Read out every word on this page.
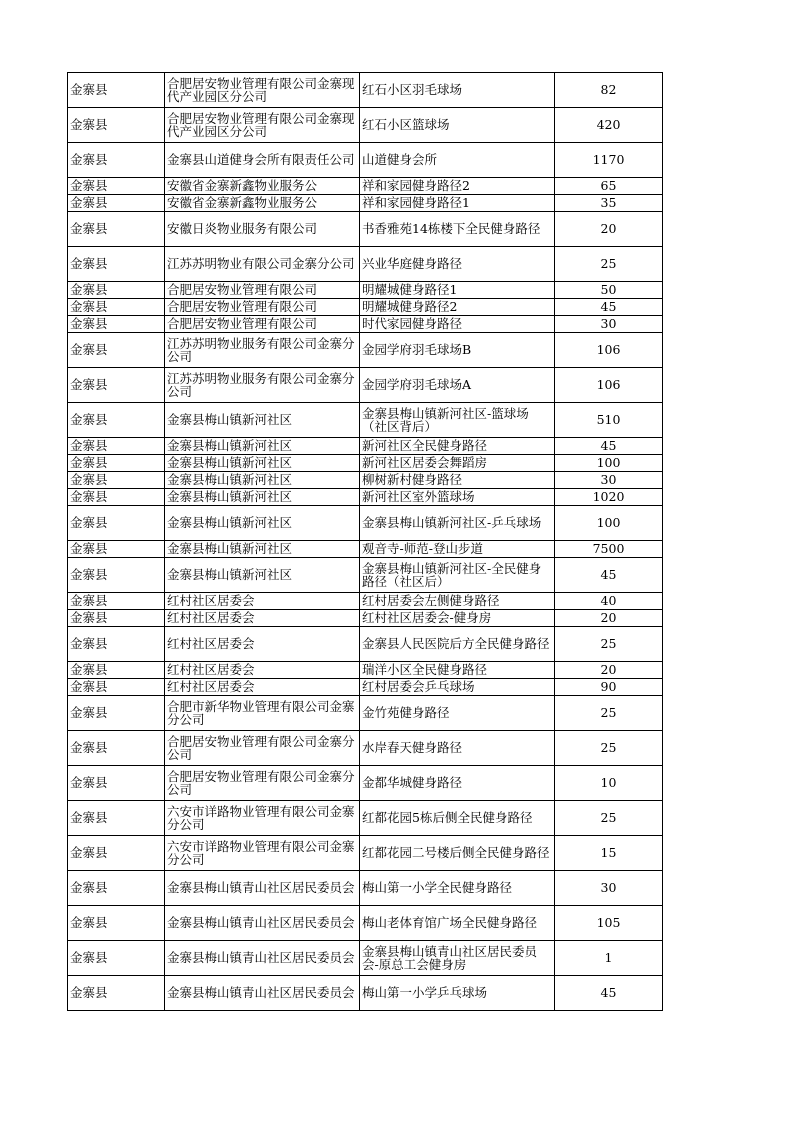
金寨县	合肥居安物业管理有限公司金寨现代产业园区分公司	红石小区羽毛球场	82
金寨县	合肥居安物业管理有限公司金寨现代产业园区分公司	红石小区篮球场	420
金寨县	金寨县山道健身会所有限责任公司	山道健身会所	1170
金寨县	安徽省金寨新鑫物业服务公	祥和家园健身路径2	65
金寨县	安徽省金寨新鑫物业服务公	祥和家园健身路径1	35
金寨县	安徽日炎物业服务有限公司	书香雅苑14栋楼下全民健身路径	20
金寨县	江苏苏明物业有限公司金寨分公司	兴业华庭健身路径	25
金寨县	合肥居安物业管理有限公司	明耀城健身路径1	50
金寨县	合肥居安物业管理有限公司	明耀城健身路径2	45
金寨县	合肥居安物业管理有限公司	时代家园健身路径	30
金寨县	江苏苏明物业服务有限公司金寨分公司	金园学府羽毛球场B	106
金寨县	江苏苏明物业服务有限公司金寨分公司	金园学府羽毛球场A	106
金寨县	金寨县梅山镇新河社区	金寨县梅山镇新河社区-篮球场（社区背后）	510
金寨县	金寨县梅山镇新河社区	新河社区全民健身路径	45
金寨县	金寨县梅山镇新河社区	新河社区居委会舞蹈房	100
金寨县	金寨县梅山镇新河社区	柳树新村健身路径	30
金寨县	金寨县梅山镇新河社区	新河社区室外篮球场	1020
金寨县	金寨县梅山镇新河社区	金寨县梅山镇新河社区-乒乓球场	100
金寨县	金寨县梅山镇新河社区	观音寺-师范-登山步道	7500
金寨县	金寨县梅山镇新河社区	金寨县梅山镇新河社区-全民健身路径（社区后）	45
金寨县	红村社区居委会	红村居委会左侧健身路径	40
金寨县	红村社区居委会	红村社区居委会-健身房	20
金寨县	红村社区居委会	金寨县人民医院后方全民健身路径	25
金寨县	红村社区居委会	瑞洋小区全民健身路径	20
金寨县	红村社区居委会	红村居委会乒乓球场	90
金寨县	合肥市新华物业管理有限公司金寨分公司	金竹苑健身路径	25
金寨县	合肥居安物业管理有限公司金寨分公司	水岸春天健身路径	25
金寨县	合肥居安物业管理有限公司金寨分公司	金都华城健身路径	10
金寨县	六安市详路物业管理有限公司金寨分公司	红都花园5栋后侧全民健身路径	25
金寨县	六安市详路物业管理有限公司金寨分公司	红都花园二号楼后侧全民健身路径	15
金寨县	金寨县梅山镇青山社区居民委员会	梅山第一小学全民健身路径	30
金寨县	金寨县梅山镇青山社区居民委员会	梅山老体育馆广场全民健身路径	105
金寨县	金寨县梅山镇青山社区居民委员会	金寨县梅山镇青山社区居民委员会-原总工会健身房	1
金寨县	金寨县梅山镇青山社区居民委员会	梅山第一小学乒乓球场	45
